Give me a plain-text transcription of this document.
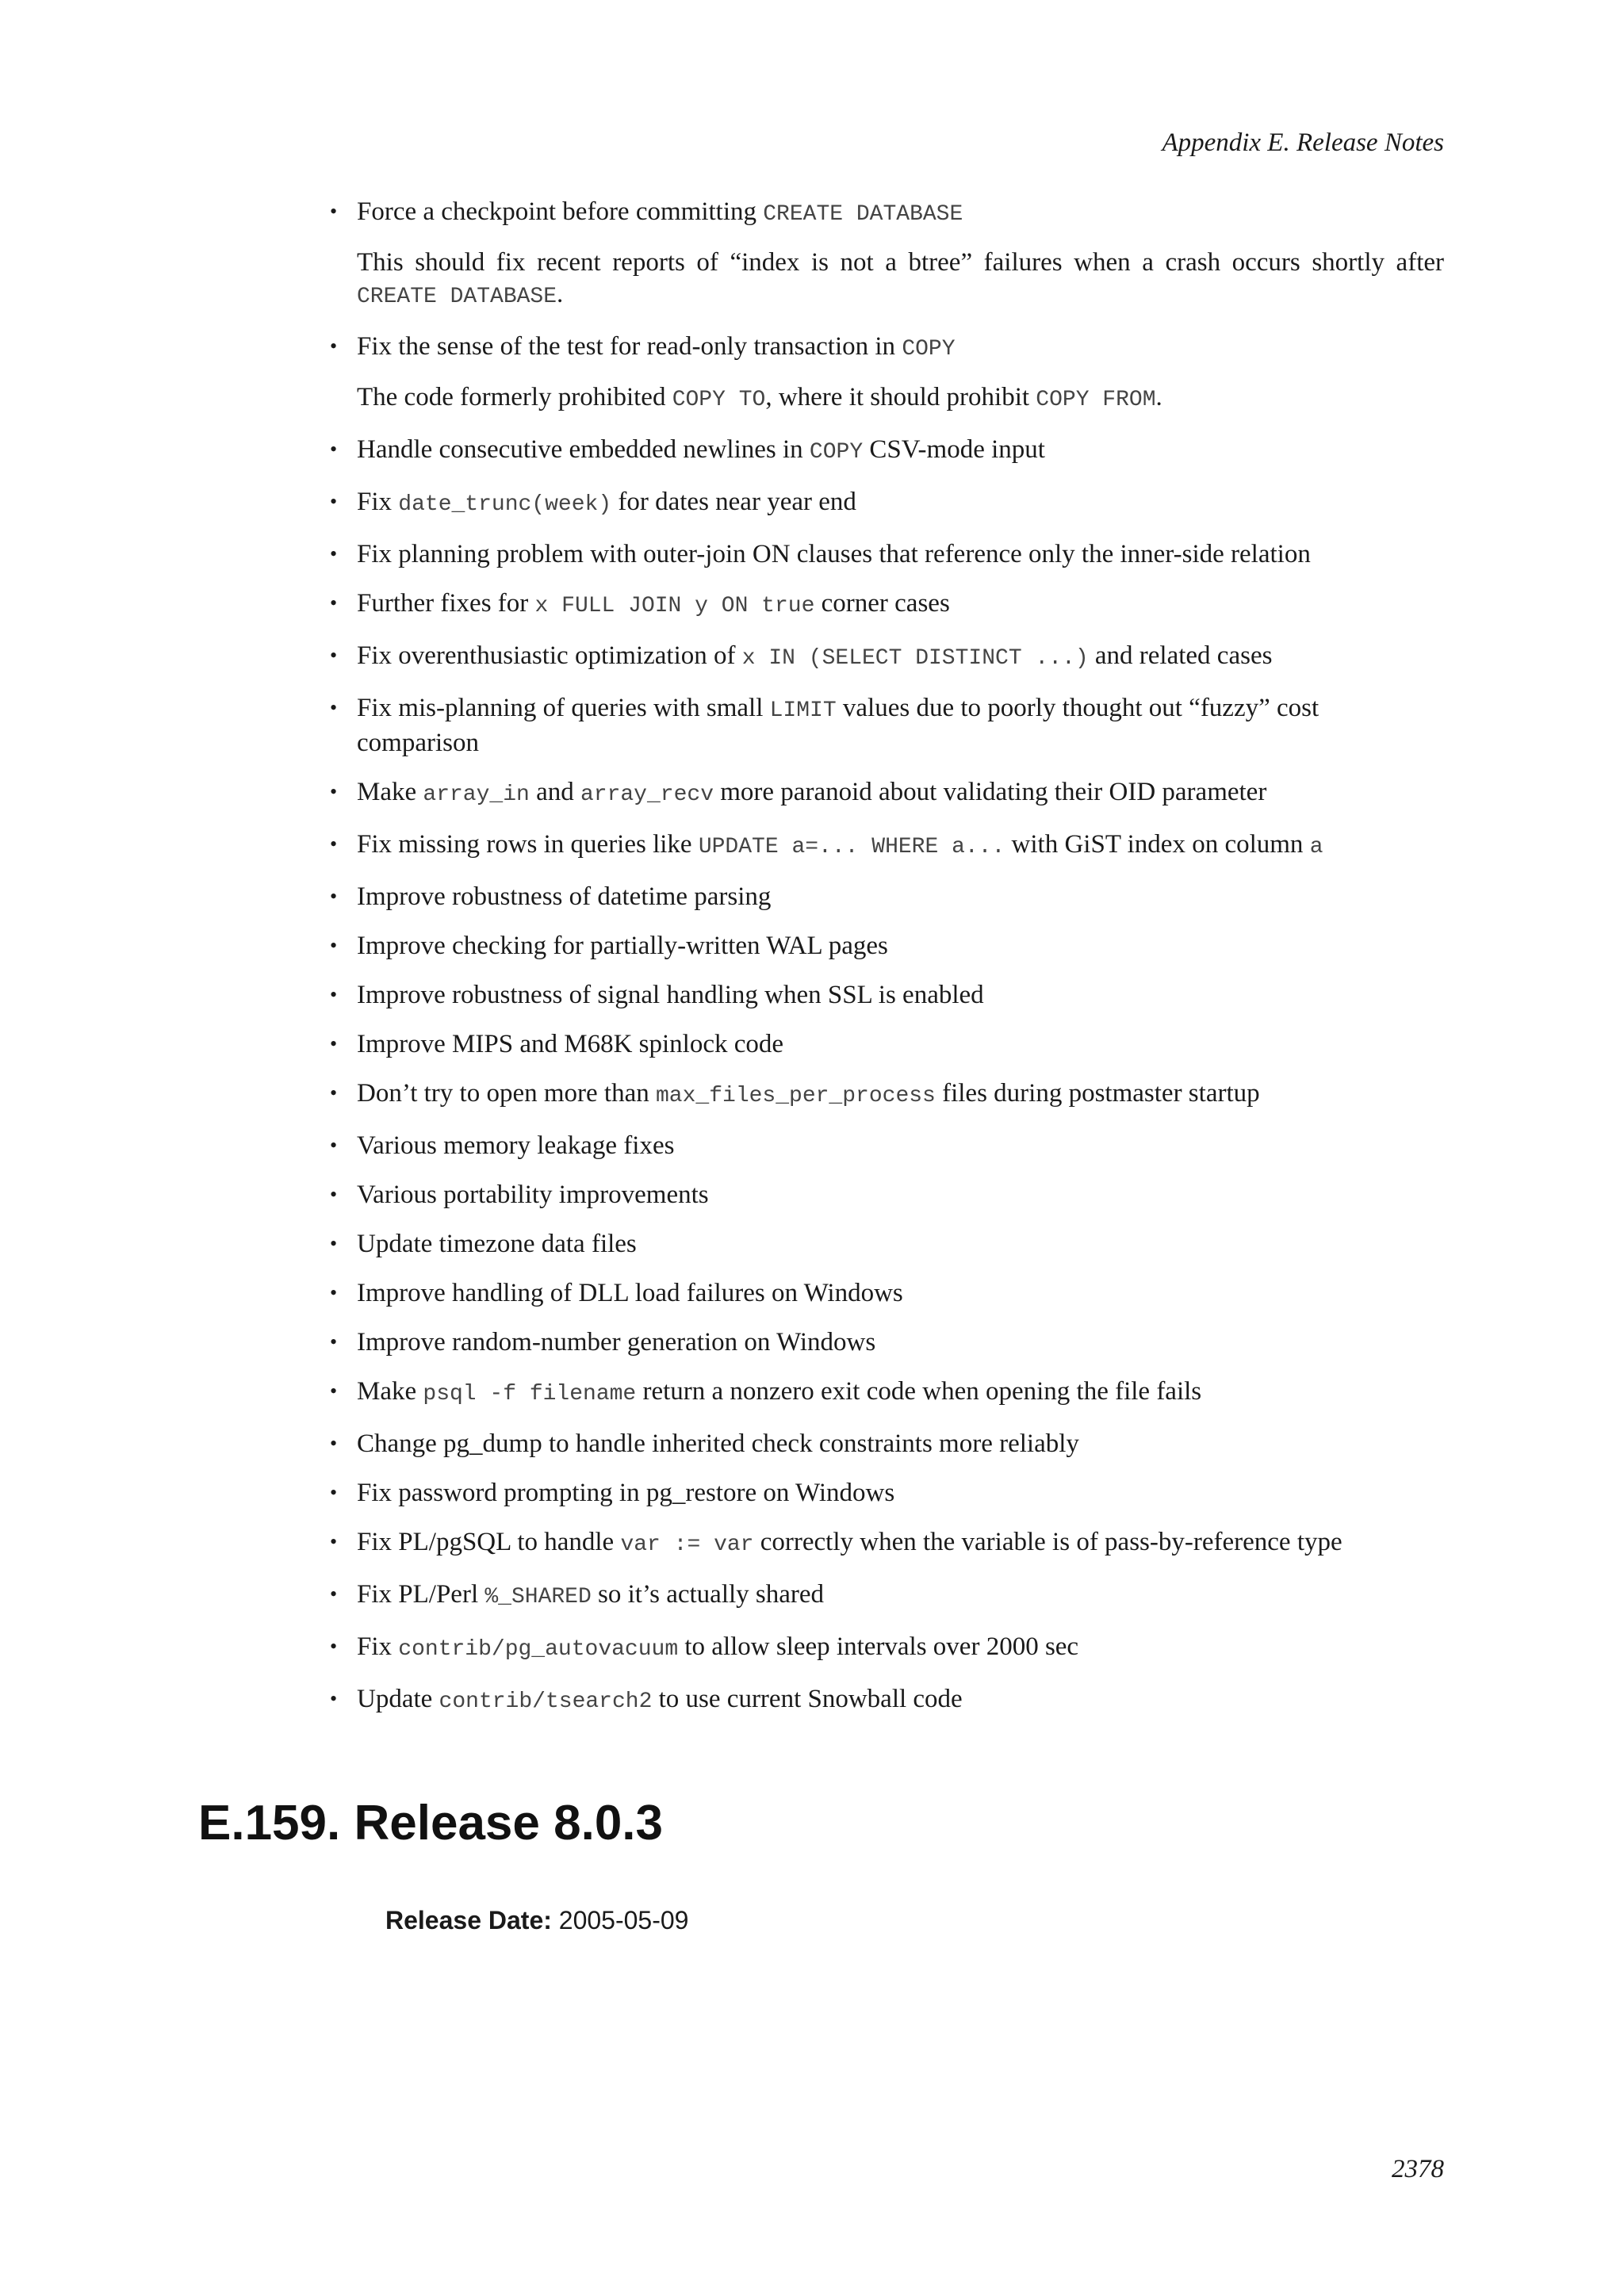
Appendix E. Release Notes
• Force a checkpoint before committing CREATE DATABASE

This should fix recent reports of “index is not a btree” failures when a crash occurs shortly after CREATE DATABASE.

• Fix the sense of the test for read-only transaction in COPY

The code formerly prohibited COPY TO, where it should prohibit COPY FROM.

• Handle consecutive embedded newlines in COPY CSV-mode input
• Fix date_trunc(week) for dates near year end
• Fix planning problem with outer-join ON clauses that reference only the inner-side relation
• Further fixes for x FULL JOIN y ON true corner cases
• Fix overenthusiastic optimization of x IN (SELECT DISTINCT ...) and related cases
• Fix mis-planning of queries with small LIMIT values due to poorly thought out “fuzzy” cost comparison
• Make array_in and array_recv more paranoid about validating their OID parameter
• Fix missing rows in queries like UPDATE a=... WHERE a... with GiST index on column a
• Improve robustness of datetime parsing
• Improve checking for partially-written WAL pages
• Improve robustness of signal handling when SSL is enabled
• Improve MIPS and M68K spinlock code
• Don’t try to open more than max_files_per_process files during postmaster startup
• Various memory leakage fixes
• Various portability improvements
• Update timezone data files
• Improve handling of DLL load failures on Windows
• Improve random-number generation on Windows
• Make psql -f filename return a nonzero exit code when opening the file fails
• Change pg_dump to handle inherited check constraints more reliably
• Fix password prompting in pg_restore on Windows
• Fix PL/pgSQL to handle var := var correctly when the variable is of pass-by-reference type
• Fix PL/Perl %_SHARED so it’s actually shared
• Fix contrib/pg_autovacuum to allow sleep intervals over 2000 sec
• Update contrib/tsearch2 to use current Snowball code
E.159. Release 8.0.3
Release Date: 2005-05-09
2378
